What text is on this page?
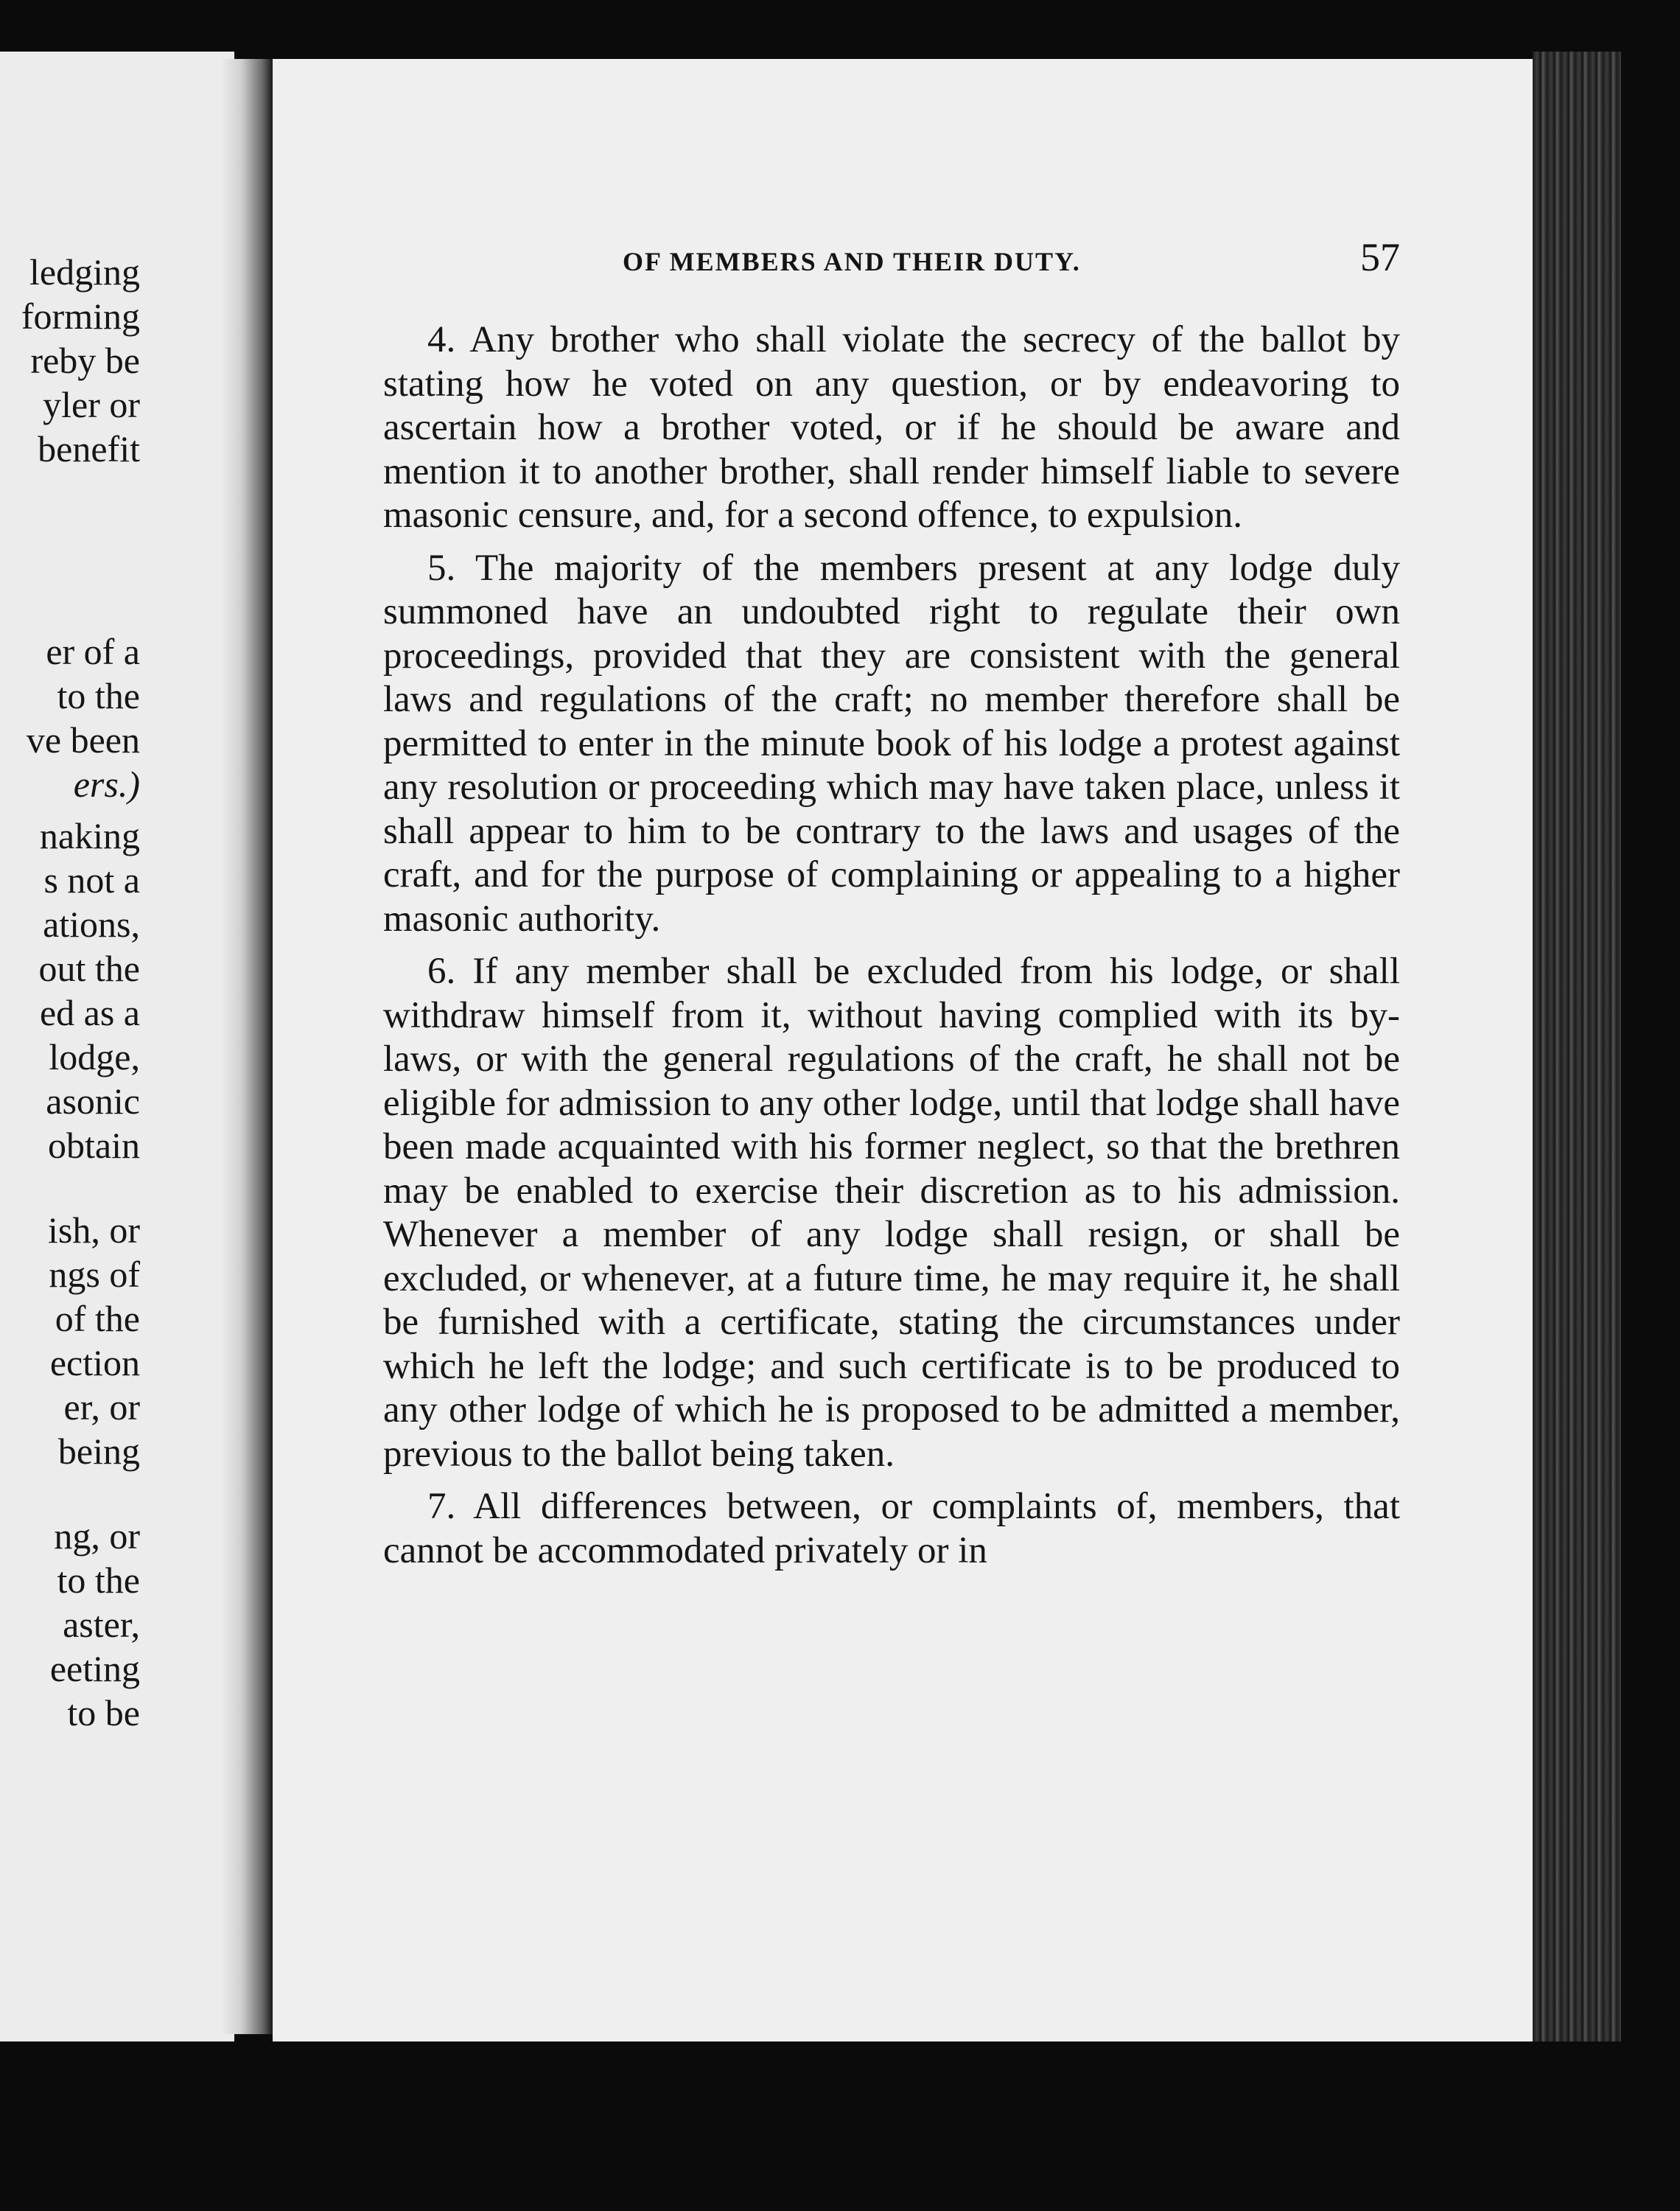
ledging
forming
reby be
yler or
benefit
er of a
to the
ve been
ers.)
naking
s not a
ations,
out the
ed as a
lodge,
asonic
obtain
ish, or
ngs of
of the
ection
er, or
being
ng, or
to the
aster,
eeting
to be
OF MEMBERS AND THEIR DUTY.	57

4. Any brother who shall violate the secrecy of the ballot by stating how he voted on any question, or by endeavoring to ascertain how a brother voted, or if he should be aware and mention it to another brother, shall render himself liable to severe masonic censure, and, for a second offence, to expulsion.

5. The majority of the members present at any lodge duly summoned have an undoubted right to regulate their own proceedings, provided that they are consistent with the general laws and regulations of the craft; no member therefore shall be permitted to enter in the minute book of his lodge a protest against any resolution or proceeding which may have taken place, unless it shall appear to him to be contrary to the laws and usages of the craft, and for the purpose of complaining or appealing to a higher masonic authority.

6. If any member shall be excluded from his lodge, or shall withdraw himself from it, without having complied with its by-laws, or with the general regulations of the craft, he shall not be eligible for admission to any other lodge, until that lodge shall have been made acquainted with his former neglect, so that the brethren may be enabled to exercise their discretion as to his admission. Whenever a member of any lodge shall resign, or shall be excluded, or whenever, at a future time, he may require it, he shall be furnished with a certificate, stating the circumstances under which he left the lodge; and such certificate is to be produced to any other lodge of which he is proposed to be admitted a member, previous to the ballot being taken.

7. All differences between, or complaints of, members, that cannot be accommodated privately or in
